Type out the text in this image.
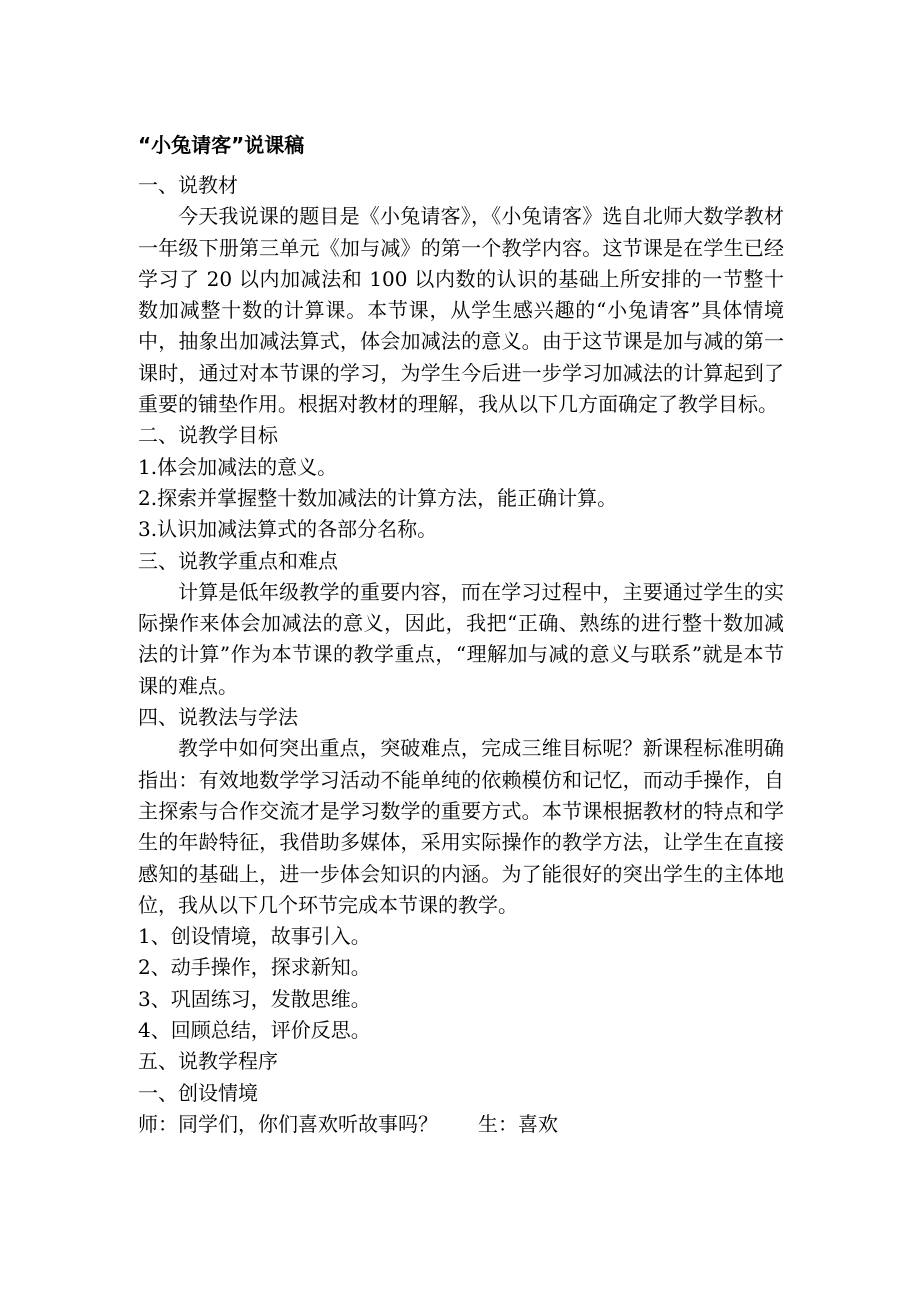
“小兔请客”说课稿

一、说教材

今天我说课的题目是《小兔请客》，《小兔请客》选自北师大数学教材一年级下册第三单元《加与减》的第一个教学内容。这节课是在学生已经学习了 20 以内加减法和 100 以内数的认识的基础上所安排的一节整十数加减整十数的计算课。本节课，从学生感兴趣的“小兔请客”具体情境中，抽象出加减法算式，体会加减法的意义。由于这节课是加与减的第一课时，通过对本节课的学习，为学生今后进一步学习加减法的计算起到了重要的铺垫作用。根据对教材的理解，我从以下几方面确定了教学目标。

二、说教学目标

1.体会加减法的意义。

2.探索并掌握整十数加减法的计算方法，能正确计算。

3.认识加减法算式的各部分名称。

三、说教学重点和难点

计算是低年级教学的重要内容，而在学习过程中，主要通过学生的实际操作来体会加减法的意义，因此，我把“正确、熟练的进行整十数加减法的计算”作为本节课的教学重点，“理解加与减的意义与联系”就是本节课的难点。

四、说教法与学法

教学中如何突出重点，突破难点，完成三维目标呢？新课程标准明确指出：有效地数学学习活动不能单纯的依赖模仿和记忆，而动手操作，自主探索与合作交流才是学习数学的重要方式。本节课根据教材的特点和学生的年龄特征，我借助多媒体，采用实际操作的教学方法，让学生在直接感知的基础上，进一步体会知识的内涵。为了能很好的突出学生的主体地位，我从以下几个环节完成本节课的教学。

1、创设情境，故事引入。

2、动手操作，探求新知。

3、巩固练习，发散思维。

4、回顾总结，评价反思。

五、说教学程序

一、创设情境

师：同学们，你们喜欢听故事吗？ 生：喜欢
